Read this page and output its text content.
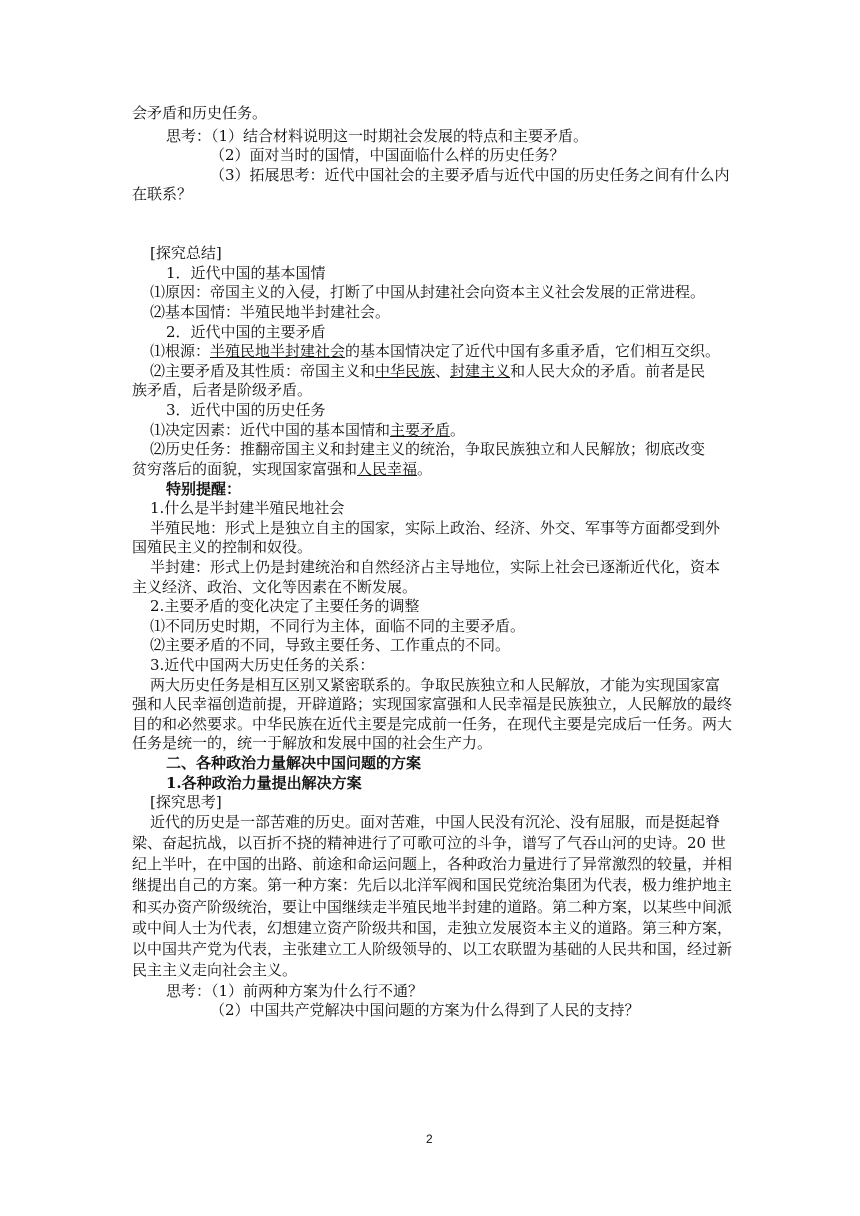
会矛盾和历史任务。
思考：（1）结合材料说明这一时期社会发展的特点和主要矛盾。
（2）面对当时的国情，中国面临什么样的历史任务？
（3）拓展思考：近代中国社会的主要矛盾与近代中国的历史任务之间有什么内
在联系？
[探究总结]
1．近代中国的基本国情
⑴原因：帝国主义的入侵，打断了中国从封建社会向资本主义社会发展的正常进程。
⑵基本国情：半殖民地半封建社会。
2．近代中国的主要矛盾
⑴根源：半殖民地半封建社会的基本国情决定了近代中国有多重矛盾，它们相互交织。
⑵主要矛盾及其性质：帝国主义和中华民族、封建主义和人民大众的矛盾。前者是民
族矛盾，后者是阶级矛盾。
3．近代中国的历史任务
⑴决定因素：近代中国的基本国情和主要矛盾。
⑵历史任务：推翻帝国主义和封建主义的统治，争取民族独立和人民解放；彻底改变
贫穷落后的面貌，实现国家富强和人民幸福。
特别提醒：
1.什么是半封建半殖民地社会
半殖民地：形式上是独立自主的国家，实际上政治、经济、外交、军事等方面都受到外
国殖民主义的控制和奴役。
半封建：形式上仍是封建统治和自然经济占主导地位，实际上社会已逐渐近代化，资本
主义经济、政治、文化等因素在不断发展。
2.主要矛盾的变化决定了主要任务的调整
⑴不同历史时期，不同行为主体，面临不同的主要矛盾。
⑵主要矛盾的不同，导致主要任务、工作重点的不同。
3.近代中国两大历史任务的关系：
两大历史任务是相互区别又紧密联系的。争取民族独立和人民解放，才能为实现国家富
强和人民幸福创造前提，开辟道路；实现国家富强和人民幸福是民族独立，人民解放的最终
目的和必然要求。中华民族在近代主要是完成前一任务，在现代主要是完成后一任务。两大
任务是统一的，统一于解放和发展中国的社会生产力。
二、各种政治力量解决中国问题的方案
1.各种政治力量提出解决方案
[探究思考]
近代的历史是一部苦难的历史。面对苦难，中国人民没有沉沦、没有屈服，而是挺起脊
梁、奋起抗战，以百折不挠的精神进行了可歌可泣的斗争，谱写了气吞山河的史诗。20 世
纪上半叶，在中国的出路、前途和命运问题上，各种政治力量进行了异常激烈的较量，并相
继提出自己的方案。第一种方案：先后以北洋军阀和国民党统治集团为代表，极力维护地主
和买办资产阶级统治，要让中国继续走半殖民地半封建的道路。第二种方案，以某些中间派
或中间人士为代表，幻想建立资产阶级共和国，走独立发展资本主义的道路。第三种方案，
以中国共产党为代表，主张建立工人阶级领导的、以工农联盟为基础的人民共和国，经过新
民主主义走向社会主义。
思考：（1）前两种方案为什么行不通？
（2）中国共产党解决中国问题的方案为什么得到了人民的支持？
2
